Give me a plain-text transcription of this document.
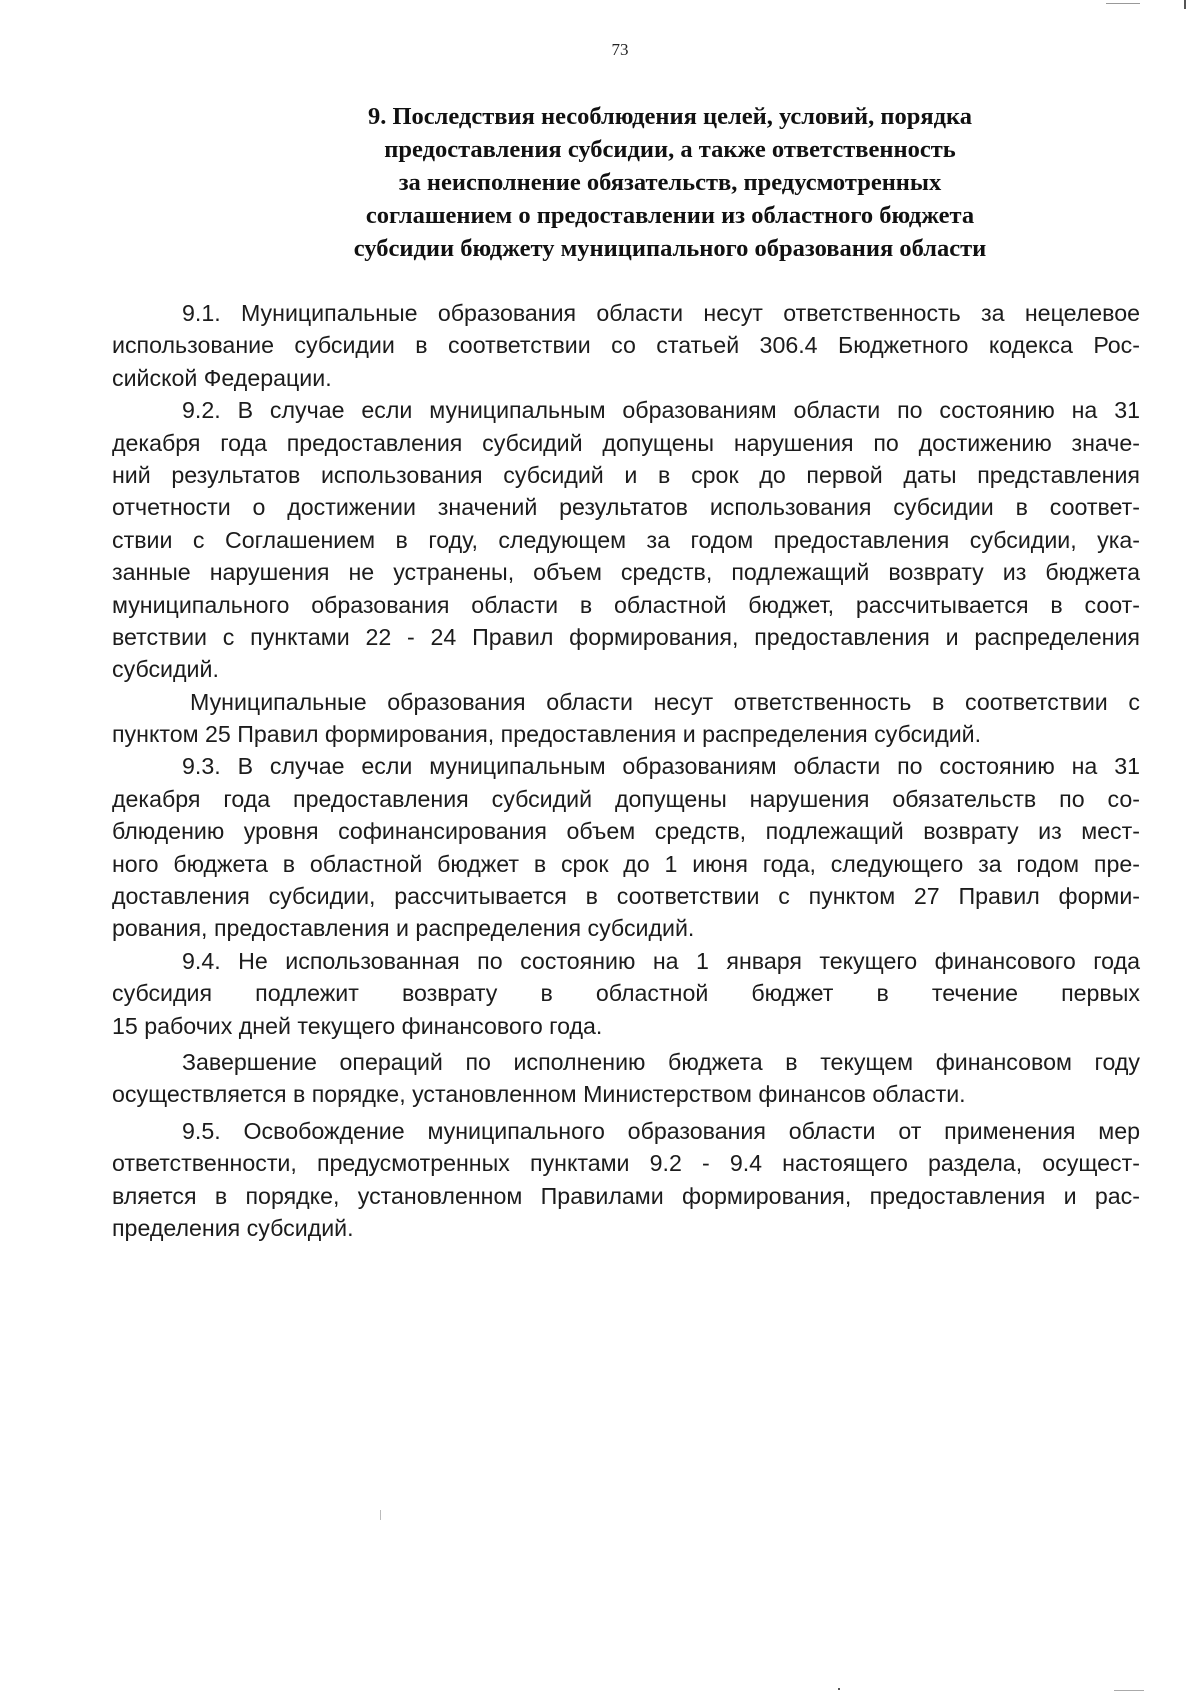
73
9. Последствия несоблюдения целей, условий, порядка
предоставления субсидии, а также ответственность
за неисполнение обязательств, предусмотренных
соглашением о предоставлении из областного бюджета
субсидии бюджету муниципального образования области
9.1. Муниципальные образования области несут ответственность за нецелевое
использование субсидии в соответствии со статьей 306.4 Бюджетного кодекса Рос-
сийской Федерации.
9.2. В случае если муниципальным образованиям области по состоянию на 31
декабря года предоставления субсидий допущены нарушения по достижению значе-
ний результатов использования субсидий и в срок до первой даты представления
отчетности о достижении значений результатов использования субсидии в соответ-
ствии с Соглашением в году, следующем за годом предоставления субсидии, ука-
занные нарушения не устранены, объем средств, подлежащий возврату из бюджета
муниципального образования области в областной бюджет, рассчитывается в соот-
ветствии с пунктами 22 - 24 Правил формирования, предоставления и распределения
субсидий.
Муниципальные образования области несут ответственность в соответствии с
пунктом 25 Правил формирования, предоставления и распределения субсидий.
9.3. В случае если муниципальным образованиям области по состоянию на 31
декабря года предоставления субсидий допущены нарушения обязательств по со-
блюдению уровня софинансирования объем средств, подлежащий возврату из мест-
ного бюджета в областной бюджет в срок до 1 июня года, следующего за годом пре-
доставления субсидии, рассчитывается в соответствии с пунктом 27 Правил форми-
рования, предоставления и распределения субсидий.
9.4. Не использованная по состоянию на 1 января текущего финансового года
субсидия подлежит возврату в областной бюджет в течение первых
15 рабочих дней текущего финансового года.
Завершение операций по исполнению бюджета в текущем финансовом году
осуществляется в порядке, установленном Министерством финансов области.
9.5. Освобождение муниципального образования области от применения мер
ответственности, предусмотренных пунктами 9.2 - 9.4 настоящего раздела, осущест-
вляется в порядке, установленном Правилами формирования, предоставления и рас-
пределения субсидий.
